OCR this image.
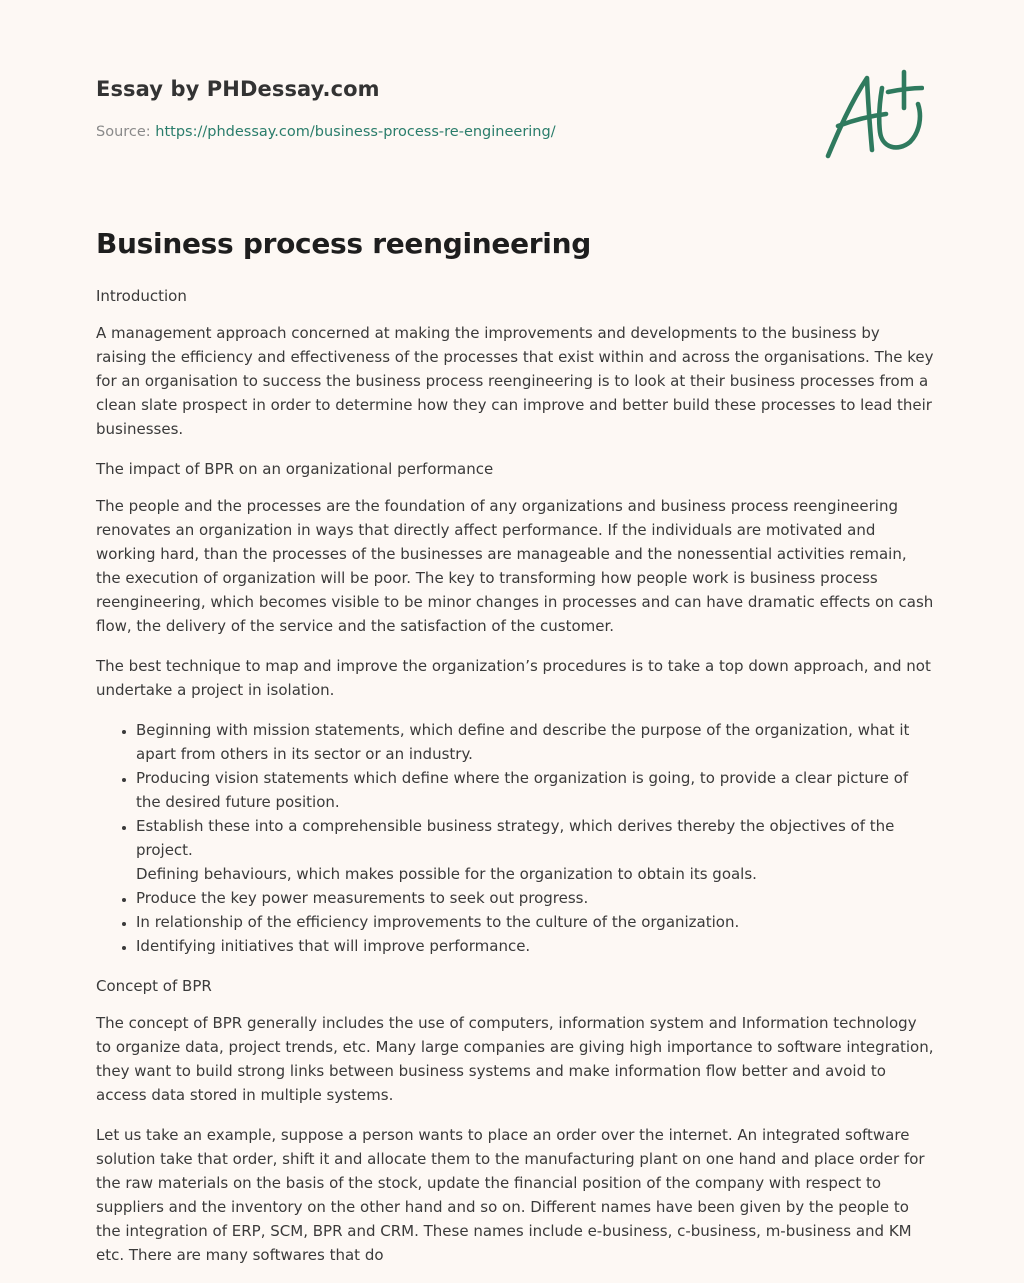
Essay by PHDessay.com
Source: https://phdessay.com/business-process-re-engineering/
Business process reengineering

Introduction

A management approach concerned at making the improvements and developments to the business by raising the efficiency and effectiveness of the processes that exist within and across the organisations. The key for an organisation to success the business process reengineering is to look at their business processes from a clean slate prospect in order to determine how they can improve and better build these processes to lead their businesses.

The impact of BPR on an organizational performance

The people and the processes are the foundation of any organizations and business process reengineering renovates an organization in ways that directly affect performance. If the individuals are motivated and working hard, than the processes of the businesses are manageable and the nonessential activities remain, the execution of organization will be poor. The key to transforming how people work is business process reengineering, which becomes visible to be minor changes in processes and can have dramatic effects on cash flow, the delivery of the service and the satisfaction of the customer.

The best technique to map and improve the organization’s procedures is to take a top down approach, and not undertake a project in isolation.

• Beginning with mission statements, which define and describe the purpose of the organization, what it apart from others in its sector or an industry.
• Producing vision statements which define where the organization is going, to provide a clear picture of the desired future position.
• Establish these into a comprehensible business strategy, which derives thereby the objectives of the project.
Defining behaviours, which makes possible for the organization to obtain its goals.
• Produce the key power measurements to seek out progress.
• In relationship of the efficiency improvements to the culture of the organization.
• Identifying initiatives that will improve performance.

Concept of BPR

The concept of BPR generally includes the use of computers, information system and Information technology to organize data, project trends, etc. Many large companies are giving high importance to software integration, they want to build strong links between business systems and make information flow better and avoid to access data stored in multiple systems.

Let us take an example, suppose a person wants to place an order over the internet. An integrated software solution take that order, shift it and allocate them to the manufacturing plant on one hand and place order for the raw materials on the basis of the stock, update the financial position of the company with respect to suppliers and the inventory on the other hand and so on. Different names have been given by the people to the integration of ERP, SCM, BPR and CRM. These names include e-business, c-business, m-business and KM etc. There are many softwares that do
